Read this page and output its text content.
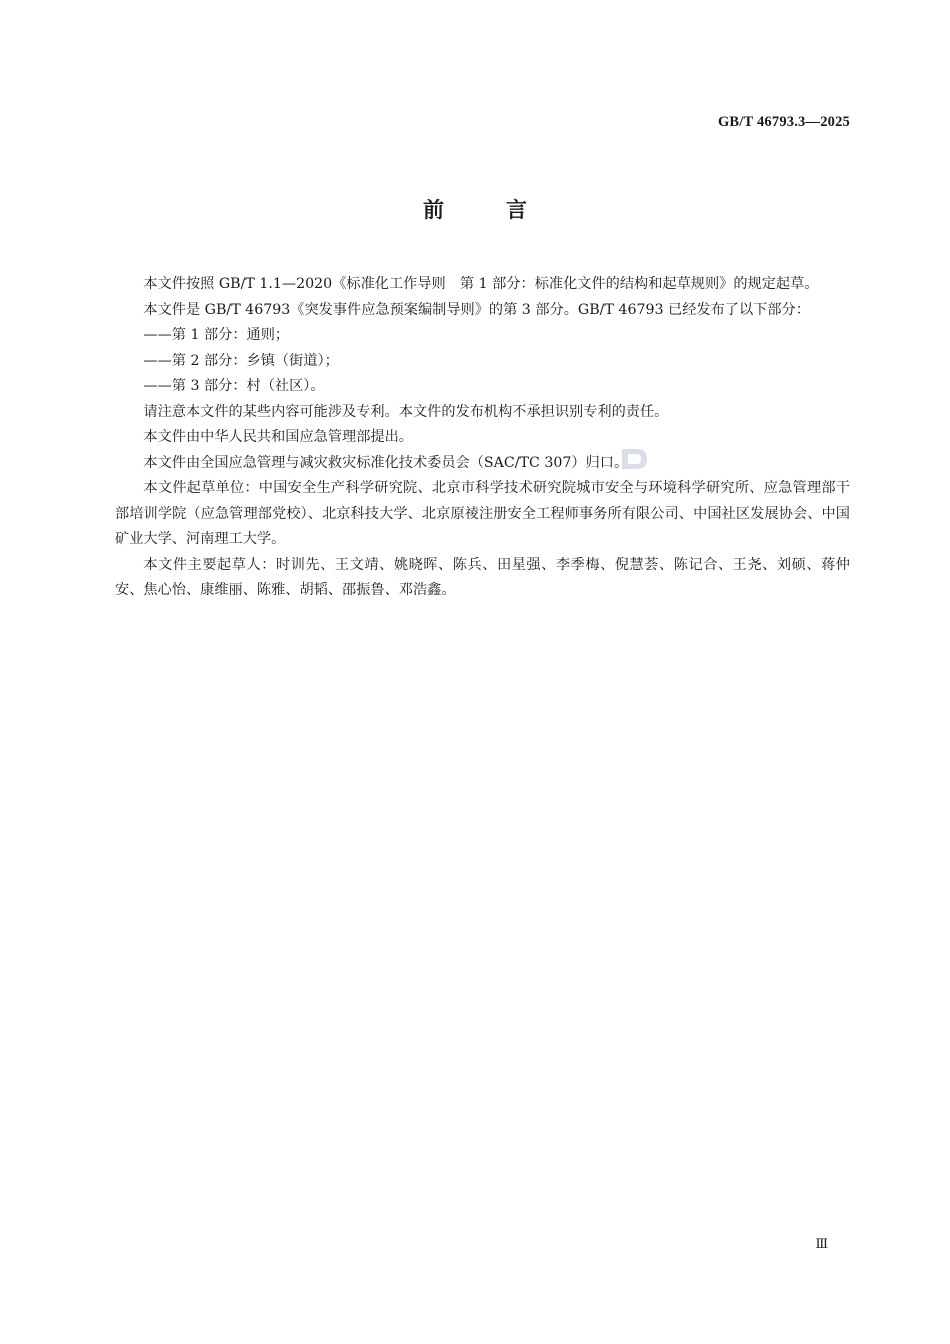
GB/T 46793.3—2025
前言

本文件按照 GB/T 1.1—2020《标准化工作导则　第 1 部分：标准化文件的结构和起草规则》的规定起草。

本文件是 GB/T 46793《突发事件应急预案编制导则》的第 3 部分。GB/T 46793 已经发布了以下部分：

——第 1 部分：通则；

——第 2 部分：乡镇（街道）；

——第 3 部分：村（社区）。

请注意本文件的某些内容可能涉及专利。本文件的发布机构不承担识别专利的责任。

本文件由中华人民共和国应急管理部提出。

本文件由全国应急管理与减灾救灾标准化技术委员会（SAC/TC 307）归口。

本文件起草单位：中国安全生产科学研究院、北京市科学技术研究院城市安全与环境科学研究所、应急管理部干部培训学院（应急管理部党校）、北京科技大学、北京原祾注册安全工程师事务所有限公司、中国社区发展协会、中国矿业大学、河南理工大学。

本文件主要起草人：时训先、王文靖、姚晓晖、陈兵、田星强、李季梅、倪慧荟、陈记合、王尧、刘硕、蒋仲安、焦心怡、康维丽、陈雅、胡韬、邵振鲁、邓浩鑫。

Ⅲ
